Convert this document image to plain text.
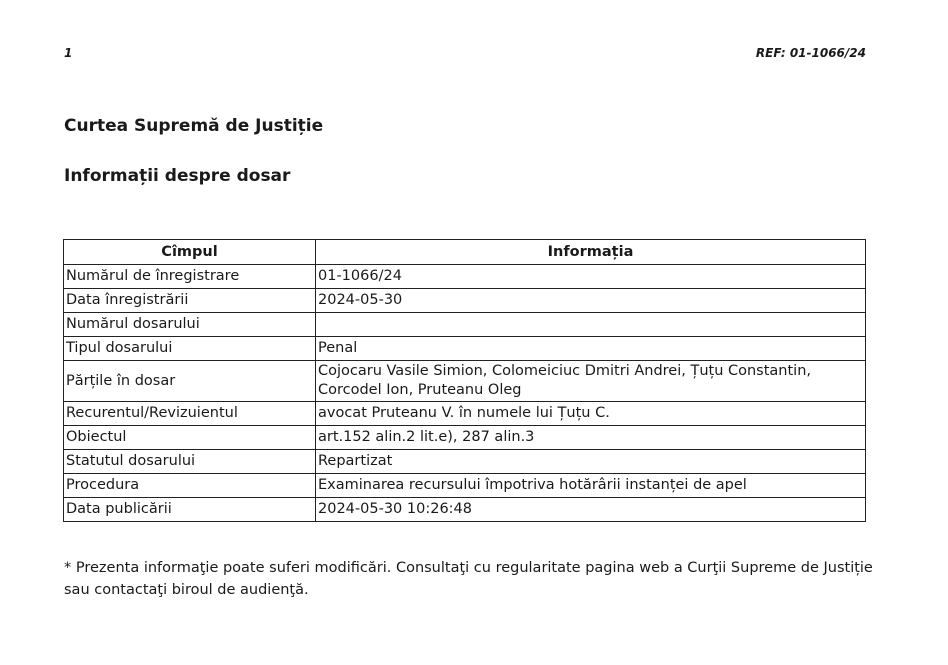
1	REF: 01-1066/24
Curtea Supremă de Justiție
Informații despre dosar
Cîmpul	Informația
Numărul de înregistrare	01-1066/24
Data înregistrării	2024-05-30
Numărul dosarului	
Tipul dosarului	Penal
Părțile în dosar	Cojocaru Vasile Simion, Colomeiciuc Dmitri Andrei, Țuțu Constantin, Corcodel Ion, Pruteanu Oleg
Recurentul/Revizuientul	avocat Pruteanu V. în numele lui Țuțu C.
Obiectul	art.152 alin.2 lit.e), 287 alin.3
Statutul dosarului	Repartizat
Procedura	Examinarea recursului împotriva hotărârii instanței de apel
Data publicării	2024-05-30 10:26:48

* Prezenta informaţie poate suferi modificări. Consultaţi cu regularitate pagina web a Curţii Supreme de Justiție sau contactaţi biroul de audienţă.
